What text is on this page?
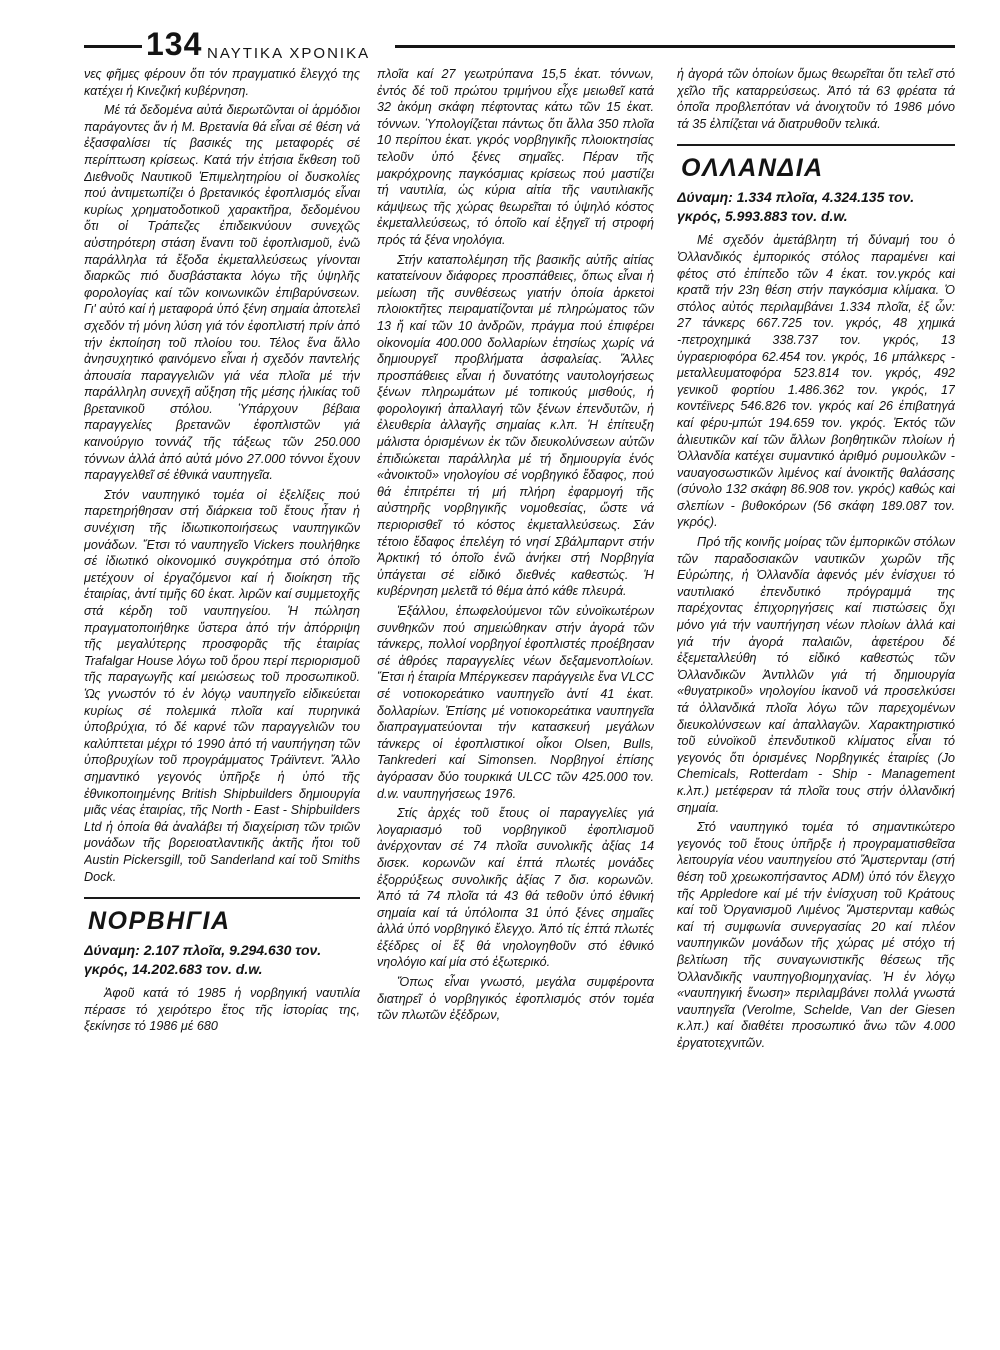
134 ΝΑΥΤΙΚΑ ΧΡΟΝΙΚΑ

νες φῆμες φέρουν ὅτι τόν πραγματικό ἔλεγχό της κατέχει ἡ Κινεζική κυβέρνηση.

Μέ τά δεδομένα αὐτά διερωτῶνται οἱ ἁρμόδιοι παράγοντες ἄν ἡ Μ. Βρετανία θά εἶναι σέ θέση νά ἐξασφαλίσει τίς βασικές της μεταφορές σέ περίπτωση κρίσεως. Κατά τήν ἐτήσια ἔκθεση τοῦ Διεθνοῦς Ναυτικοῦ Ἐπιμελητηρίου οἱ δυσκολίες πού ἀντιμετωπίζει ὁ βρετανικός ἐφοπλισμός εἶναι κυρίως χρηματοδοτικοῦ χαρακτῆρα, δεδομένου ὅτι οἱ Τράπεζες ἐπιδεικνύουν συνεχῶς αὐστηρότερη στάση ἔναντι τοῦ ἐφοπλισμοῦ, ἐνῶ παράλληλα τά ἔξοδα ἐκμεταλλεύσεως γίνονται διαρκῶς πιό δυσβάστακτα λόγω τῆς ὑψηλῆς φορολογίας καί τῶν κοινωνικῶν ἐπιβαρύνσεων. Γι' αὐτό καί ἡ μεταφορά ὑπό ξένη σημαία ἀποτελεῖ σχεδόν τή μόνη λύση γιά τόν ἐφοπλιστή πρίν ἀπό τήν ἐκποίηση τοῦ πλοίου του. Τέλος ἕνα ἄλλο ἀνησυχητικό φαινόμενο εἶναι ἡ σχεδόν παντελής ἀπουσία παραγγελιῶν γιά νέα πλοῖα μέ τήν παράλληλη συνεχῆ αὔξηση τῆς μέσης ἡλικίας τοῦ βρετανικοῦ στόλου. Ὑπάρχουν βέβαια παραγγελίες βρετανῶν ἐφοπλιστῶν γιά καινούργιο τοννάζ τῆς τάξεως τῶν 250.000 τόννων ἀλλά ἀπό αὐτά μόνο 27.000 τόννοι ἔχουν παραγγελθεῖ σέ ἐθνικά ναυπηγεῖα.

Στόν ναυπηγικό τομέα οἱ ἐξελίξεις πού παρετηρήθησαν στή διάρκεια τοῦ ἔτους ἦταν ἡ συνέχιση τῆς ἰδιωτικοποιήσεως ναυπηγικῶν μονάδων. Ἔτσι τό ναυπηγεῖο Vickers πουλήθηκε σέ ἰδιωτικό οἰκονομικό συγκρότημα στό ὁποῖο μετέχουν οἱ ἐργαζόμενοι καί ἡ διοίκηση τῆς ἑταιρίας, ἀντί τιμῆς 60 ἑκατ. λιρῶν καί συμμετοχῆς στά κέρδη τοῦ ναυπηγείου. Ἡ πώληση πραγματοποιήθηκε ὕστερα ἀπό τήν ἀπόρριψη τῆς μεγαλύτερης προσφορᾶς τῆς ἑταιρίας Trafalgar House λόγω τοῦ ὅρου περί περιορισμοῦ τῆς παραγωγῆς καί μειώσεως τοῦ προσωπικοῦ. Ὡς γνωστόν τό ἐν λόγῳ ναυπηγεῖο εἰδικεύεται κυρίως σέ πολεμικά πλοῖα καί πυρηνικά ὑποβρύχια, τό δέ καρνέ τῶν παραγγελιῶν του καλύπτεται μέχρι τό 1990 ἀπό τή ναυπήγηση τῶν ὑποβρυχίων τοῦ προγράμματος Τράϊντεντ. Ἄλλο σημαντικό γεγονός ὑπῆρξε ἡ ὑπό τῆς ἐθνικοποιημένης British Shipbuilders δημιουργία μιᾶς νέας ἑταιρίας, τῆς North - East - Shipbuilders Ltd ἡ ὁποία θά ἀναλάβει τή διαχείριση τῶν τριῶν μονάδων τῆς βορειοατλαντικῆς ἀκτῆς ἤτοι τοῦ Austin Pickersgill, τοῦ Sanderland καί τοῦ Smiths Dock.

ΝΟΡΒΗΓΙΑ
Δύναμη: 2.107 πλοῖα, 9.294.630 τον. γκρός, 14.202.683 τον. d.w.

Ἀφοῦ κατά τό 1985 ἡ νορβηγική ναυτιλία πέρασε τό χειρότερο ἔτος τῆς ἱστορίας της, ξεκίνησε τό 1986 μέ 680

πλοῖα καί 27 γεωτρύπανα 15,5 ἑκατ. τόννων, ἐντός δέ τοῦ πρώτου τριμήνου εἶχε μειωθεῖ κατά 32 ἀκόμη σκάφη πέφτοντας κάτω τῶν 15 ἑκατ. τόννων. Ὑπολογίζεται πάντως ὅτι ἄλλα 350 πλοῖα 10 περίπου ἑκατ. γκρός νορβηγικῆς πλοιοκτησίας τελοῦν ὑπό ξένες σημαῖες. Πέραν τῆς μακρόχρονης παγκόσμιας κρίσεως πού μαστίζει τή ναυτιλία, ὡς κύρια αἰτία τῆς ναυτιλιακῆς κάμψεως τῆς χώρας θεωρεῖται τό ὑψηλό κόστος ἐκμεταλλεύσεως, τό ὁποῖο καί ἐξηγεῖ τή στροφή πρός τά ξένα νηολόγια.

Στήν καταπολέμηση τῆς βασικῆς αὐτῆς αἰτίας κατατείνουν διάφορες προσπάθειες, ὅπως εἶναι ἡ μείωση τῆς συνθέσεως γιατήν ὁποία ἀρκετοί πλοιοκτῆτες πειραματίζονται μέ πληρώματος τῶν 13 ἤ καί τῶν 10 ἀνδρῶν, πράγμα πού ἐπιφέρει οἰκονομία 400.000 δολλαρίων ἐτησίως χωρίς νά δημιουργεῖ προβλήματα ἀσφαλείας. Ἄλλες προσπάθειες εἶναι ἡ δυνατότης ναυτολογήσεως ξένων πληρωμάτων μέ τοπικούς μισθούς, ἡ φορολογική ἀπαλλαγή τῶν ξένων ἐπενδυτῶν, ἡ ἐλευθερία ἀλλαγῆς σημαίας κ.λπ. Ἡ ἐπίτευξη μάλιστα ὁρισμένων ἐκ τῶν διευκολύνσεων αὐτῶν ἐπιδιώκεται παράλληλα μέ τή δημιουργία ἑνός «ἀνοικτοῦ» νηολογίου σέ νορβηγικό ἔδαφος, πού θά ἐπιτρέπει τή μή πλήρη ἐφαρμογή τῆς αὐστηρῆς νορβηγικῆς νομοθεσίας, ὥστε νά περιορισθεῖ τό κόστος ἐκμεταλλεύσεως. Σάν τέτοιο ἔδαφος ἐπελέγη τό νησί Σβάλμπαρντ στήν Ἀρκτική τό ὁποῖο ἐνῶ ἀνήκει στή Νορβηγία ὑπάγεται σέ εἰδικό διεθνές καθεστώς. Ἡ κυβέρνηση μελετᾶ τό θέμα ἀπό κάθε πλευρά.

Ἐξάλλου, ἐπωφελούμενοι τῶν εὐνοϊκωτέρων συνθηκῶν πού σημειώθηκαν στήν ἀγορά τῶν τάνκερς, πολλοί νορβηγοί ἐφοπλιστές προέβησαν σέ ἀθρόες παραγγελίες νέων δεξαμενοπλοίων. Ἔτσι ἡ ἑταιρία Μπέργκεσεν παράγγειλε ἕνα VLCC σέ νοτιοκορεάτικο ναυπηγεῖο ἀντί 41 ἑκατ. δολλαρίων. Ἐπίσης μέ νοτιοκορεάτικα ναυπηγεῖα διαπραγματεύονται τήν κατασκευή μεγάλων τάνκερς οἱ ἐφοπλιστικοί οἶκοι Olsen, Bulls, Tankrederi καί Simonsen. Νορβηγοί ἐπίσης ἀγόρασαν δύο τουρκικά ULCC τῶν 425.000 τον. d.w. ναυπηγήσεως 1976.

Στίς ἀρχές τοῦ ἔτους οἱ παραγγελίες γιά λογαριασμό τοῦ νορβηγικοῦ ἐφοπλισμοῦ ἀνέρχονταν σέ 74 πλοῖα συνολικῆς ἀξίας 14 δισεκ. κορωνῶν καί ἑπτά πλωτές μονάδες ἐξορρύξεως συνολικῆς ἀξίας 7 δισ. κορωνῶν. Ἀπό τά 74 πλοῖα τά 43 θά τεθοῦν ὑπό ἐθνική σημαία καί τά ὑπόλοιπα 31 ὑπό ξένες σημαῖες ἀλλά ὑπό νορβηγικό ἔλεγχο. Ἀπό τίς ἑπτά πλωτές ἐξέδρες οἱ ἕξ θά νηολογηθοῦν στό ἐθνικό νηολόγιο καί μία στό ἐξωτερικό.

Ὅπως εἶναι γνωστό, μεγάλα συμφέροντα διατηρεῖ ὁ νορβηγικός ἐφοπλισμός στόν τομέα τῶν πλωτῶν ἐξέδρων,

ἡ ἀγορά τῶν ὁποίων ὅμως θεωρεῖται ὅτι τελεῖ στό χεῖλο τῆς καταρρεύσεως. Ἀπό τά 63 φρέατα τά ὁποῖα προβλεπόταν νά ἀνοιχτοῦν τό 1986 μόνο τά 35 ἐλπίζεται νά διατρυθοῦν τελικά.

ΟΛΛΑΝΔΙΑ
Δύναμη: 1.334 πλοῖα, 4.324.135 τον. γκρός, 5.993.883 τον. d.w.

Μέ σχεδόν ἀμετάβλητη τή δύναμή του ὁ Ὀλλανδικός ἐμπορικός στόλος παραμένει καί φέτος στό ἐπίπεδο τῶν 4 ἑκατ. τον.γκρός καί κρατᾶ τήν 23η θέση στήν παγκόσμια κλίμακα. Ὁ στόλος αὐτός περιλαμβάνει 1.334 πλοῖα, ἐξ ὧν: 27 τάνκερς 667.725 τον. γκρός, 48 χημικά -πετροχημικά 338.737 τον. γκρός, 13 ὑγραεριοφόρα 62.454 τον. γκρός, 16 μπάλκερς - μεταλλευματοφόρα 523.814 τον. γκρός, 492 γενικοῦ φορτίου 1.486.362 τον. γκρός, 17 κοντέϊνερς 546.826 τον. γκρός καί 26 ἐπιβατηγά καί φέρυ-μπώτ 194.659 τον. γκρός. Ἐκτός τῶν ἁλιευτικῶν καί τῶν ἄλλων βοηθητικῶν πλοίων ἡ Ὀλλανδία κατέχει συμαντικό ἀριθμό ρυμουλκῶν - ναυαγοσωστικῶν λιμένος καί ἀνοικτῆς θαλάσσης (σύνολο 132 σκάφη 86.908 τον. γκρός) καθώς καί σλεπίων - βυθοκόρων (56 σκάφη 189.087 τον. γκρός).

Πρό τῆς κοινῆς μοίρας τῶν ἐμπορικῶν στόλων τῶν παραδοσιακῶν ναυτικῶν χωρῶν τῆς Εὐρώπης, ἡ Ὀλλανδία ἀφενός μέν ἐνίσχυει τό ναυτιλιακό ἐπενδυτικό πρόγραμμά της παρέχοντας ἐπιχορηγήσεις καί πιστώσεις ὄχι μόνο γιά τήν ναυπήγηση νέων πλοίων ἀλλά καί γιά τήν ἀγορά παλαιῶν, ἀφετέρου δέ ἐξεμεταλλεύθη τό εἰδικό καθεστώς τῶν Ὀλλανδικῶν Ἀντιλλῶν γιά τή δημιουργία «θυγατρικοῦ» νηολογίου ἱκανοῦ νά προσελκύσει τά ὀλλανδικά πλοῖα λόγω τῶν παρεχομένων διευκολύνσεων καί ἀπαλλαγῶν. Χαρακτηριστικό τοῦ εὐνοϊκοῦ ἐπενδυτικοῦ κλίματος εἶναι τό γεγονός ὅτι ὁρισμένες Νορβηγικές ἑταιρίες (Jo Chemicals, Rotterdam - Ship - Management κ.λπ.) μετέφεραν τά πλοῖα τους στήν ὀλλανδική σημαία.

Στό ναυπηγικό τομέα τό σημαντικώτερο γεγονός τοῦ ἔτους ὑπῆρξε ἡ προγραματισθεῖσα λειτουργία νέου ναυπηγείου στό Ἄμστερνταμ (στή θέση τοῦ χρεωκοπήσαντος ADM) ὑπό τόν ἔλεγχο τῆς Appledore καί μέ τήν ἐνίσχυση τοῦ Κράτους καί τοῦ Ὀργανισμοῦ Λιμένος Ἄμστερνταμ καθώς καί τή συμφωνία συνεργασίας 20 καί πλέον ναυπηγικῶν μονάδων τῆς χώρας μέ στόχο τή βελτίωση τῆς συναγωνιστικῆς θέσεως τῆς Ὀλλανδικῆς ναυπηγοβιομηχανίας. Ἡ ἐν λόγῳ «ναυπηγική ἕνωση» περιλαμβάνει πολλά γνωστά ναυπηγεῖα (Verolme, Schelde, Van der Giesen κ.λπ.) καί διαθέτει προσωπικό ἄνω τῶν 4.000 ἐργατοτεχνιτῶν.
